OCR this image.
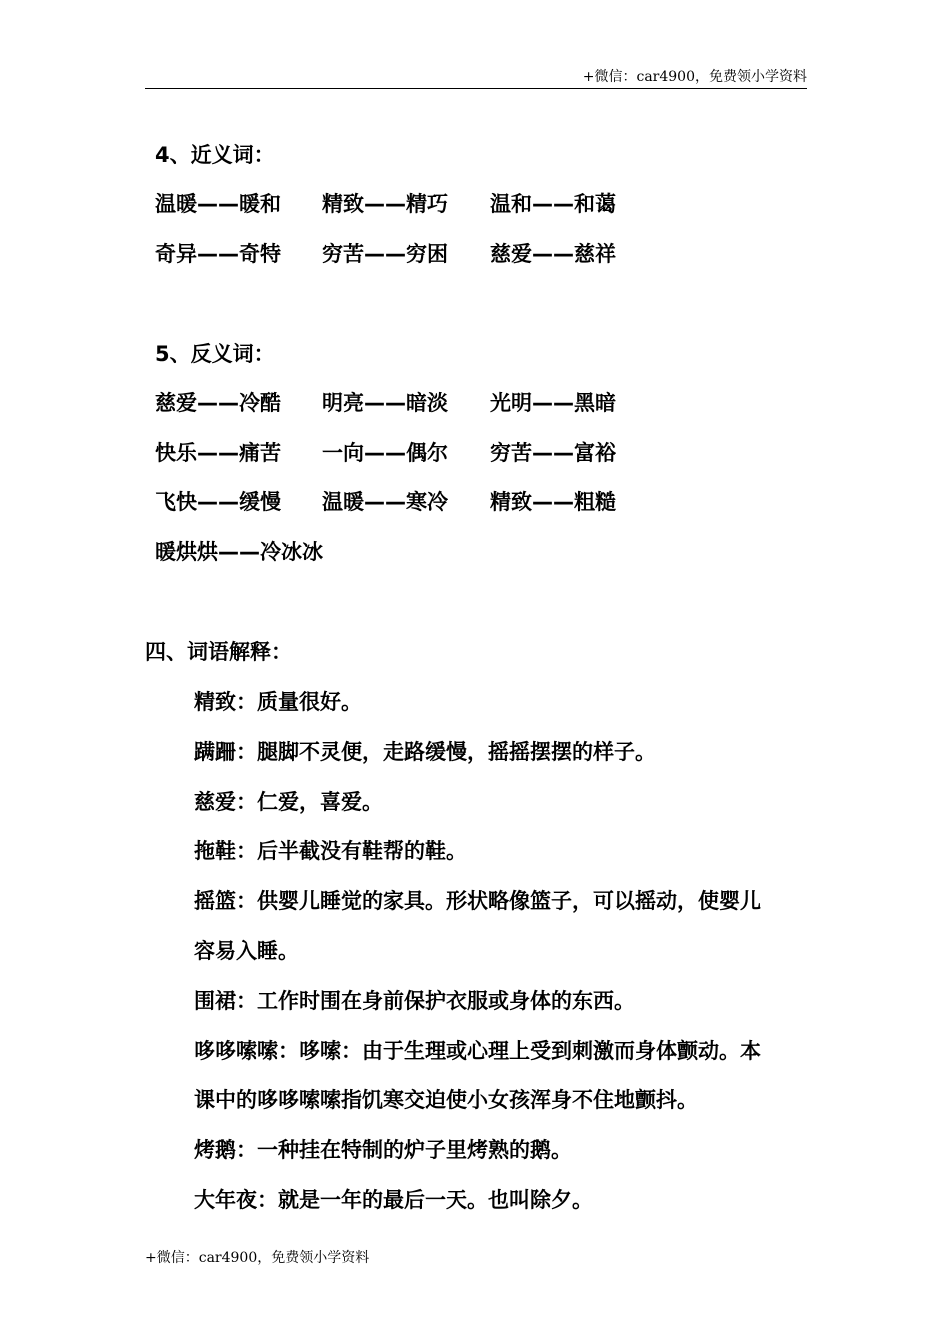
+微信：car4900，免费领小学资料
4、近义词：
温暖——暖和 精致——精巧 温和——和蔼
奇异——奇特 穷苦——穷困 慈爱——慈祥
5、反义词：
慈爱——冷酷 明亮——暗淡 光明——黑暗
快乐——痛苦 一向——偶尔 穷苦——富裕
飞快——缓慢 温暖——寒冷 精致——粗糙
暖烘烘——冷冰冰
四、词语解释：
精致：质量很好。
蹒跚：腿脚不灵便，走路缓慢，摇摇摆摆的样子。
慈爱：仁爱，喜爱。
拖鞋：后半截没有鞋帮的鞋。
摇篮：供婴儿睡觉的家具。形状略像篮子，可以摇动，使婴儿
容易入睡。
围裙：工作时围在身前保护衣服或身体的东西。
哆哆嗦嗦：哆嗦：由于生理或心理上受到刺激而身体颤动。本
课中的哆哆嗦嗦指饥寒交迫使小女孩浑身不住地颤抖。
烤鹅：一种挂在特制的炉子里烤熟的鹅。
大年夜：就是一年的最后一天。也叫除夕。
+微信：car4900，免费领小学资料
